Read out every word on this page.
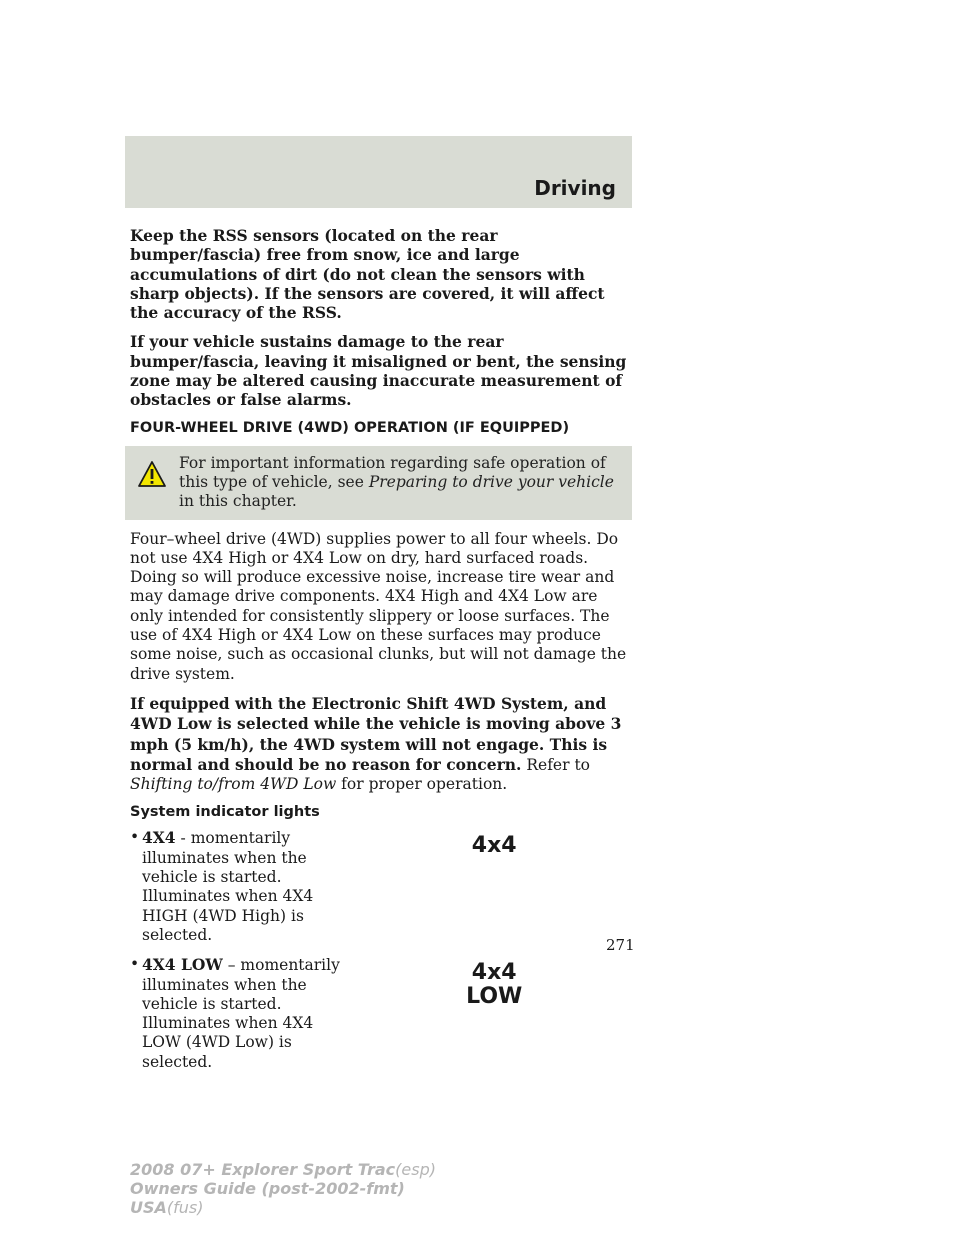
Driving

Keep the RSS sensors (located on the rear bumper/fascia) free from snow, ice and large accumulations of dirt (do not clean the sensors with sharp objects). If the sensors are covered, it will affect the accuracy of the RSS.

If your vehicle sustains damage to the rear bumper/fascia, leaving it misaligned or bent, the sensing zone may be altered causing inaccurate measurement of obstacles or false alarms.

FOUR-WHEEL DRIVE (4WD) OPERATION (IF EQUIPPED)
For important information regarding safe operation of this type of vehicle, see Preparing to drive your vehicle in this chapter.

Four–wheel drive (4WD) supplies power to all four wheels. Do not use 4X4 High or 4X4 Low on dry, hard surfaced roads. Doing so will produce excessive noise, increase tire wear and may damage drive components. 4X4 High and 4X4 Low are only intended for consistently slippery or loose surfaces. The use of 4X4 High or 4X4 Low on these surfaces may produce some noise, such as occasional clunks, but will not damage the drive system.

If equipped with the Electronic Shift 4WD System, and 4WD Low is selected while the vehicle is moving above 3 mph (5 km/h), the 4WD system will not engage. This is normal and should be no reason for concern. Refer to Shifting to/from 4WD Low for proper operation.

System indicator lights
• 4X4 - momentarily illuminates when the vehicle is started. Illuminates when 4X4 HIGH (4WD High) is selected.
4x4
• 4X4 LOW – momentarily illuminates when the vehicle is started. Illuminates when 4X4 LOW (4WD Low) is selected.
4x4
LOW
271
2008 07+ Explorer Sport Trac(esp)
Owners Guide (post-2002-fmt)
USA(fus)
